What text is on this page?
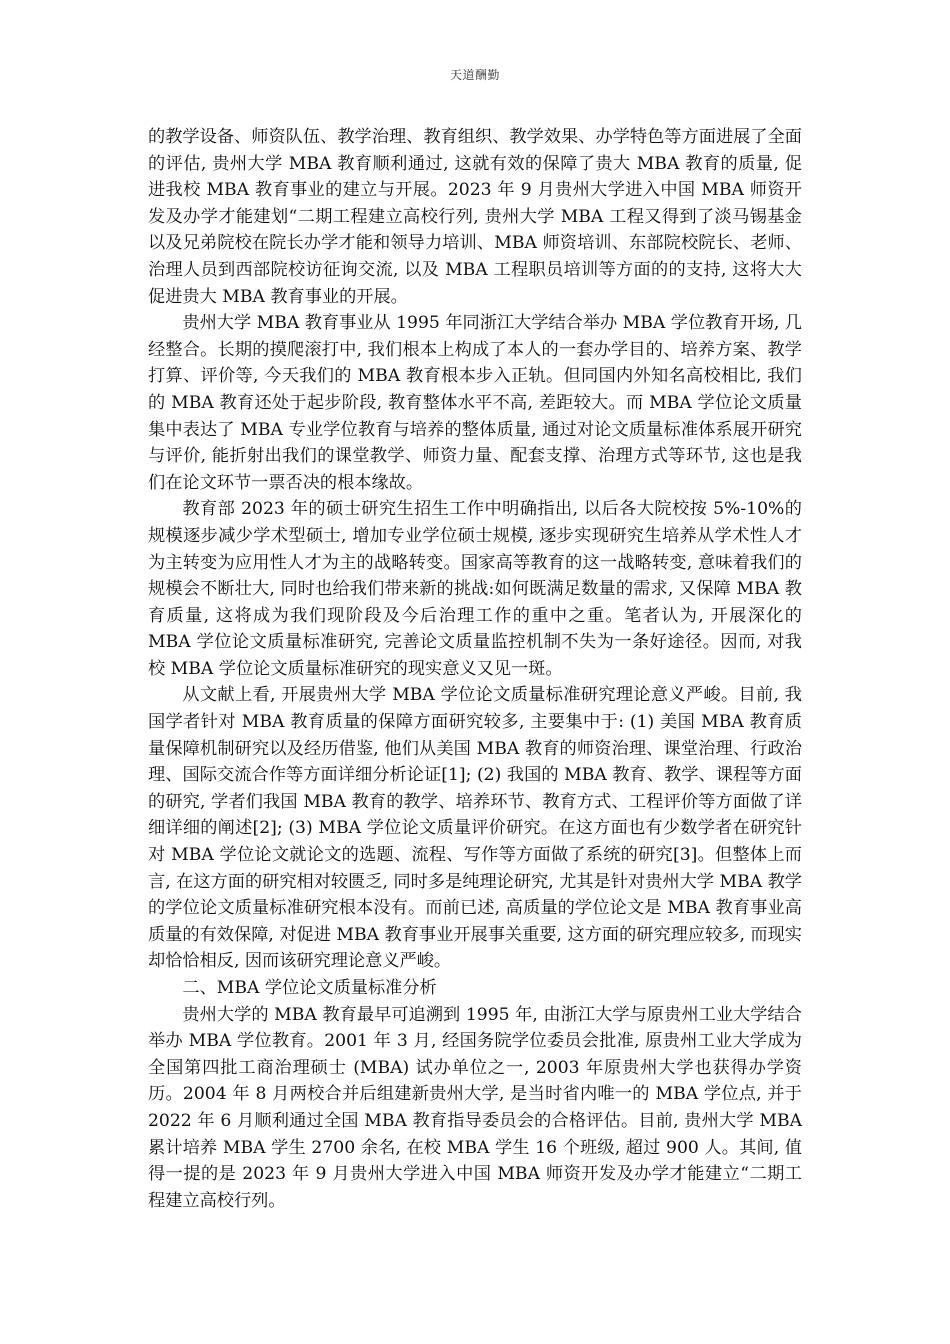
天道酬勤

的教学设备、师资队伍、教学治理、教育组织、教学效果、办学特色等方面进展了全面的评估, 贵州大学 MBA 教育顺利通过, 这就有效的保障了贵大 MBA 教育的质量, 促进我校 MBA 教育事业的建立与开展。2023 年 9 月贵州大学进入中国 MBA 师资开发及办学才能建划“二期工程建立高校行列, 贵州大学 MBA 工程又得到了淡马锡基金以及兄弟院校在院长办学才能和领导力培训、MBA 师资培训、东部院校院长、老师、治理人员到西部院校访征询交流, 以及 MBA 工程职员培训等方面的的支持, 这将大大促进贵大 MBA 教育事业的开展。

贵州大学 MBA 教育事业从 1995 年同浙江大学结合举办 MBA 学位教育开场, 几经整合。长期的摸爬滚打中, 我们根本上构成了本人的一套办学目的、培养方案、教学打算、评价等, 今天我们的 MBA 教育根本步入正轨。但同国内外知名高校相比, 我们的 MBA 教育还处于起步阶段, 教育整体水平不高, 差距较大。而 MBA 学位论文质量集中表达了 MBA 专业学位教育与培养的整体质量, 通过对论文质量标准体系展开研究与评价, 能折射出我们的课堂教学、师资力量、配套支撑、治理方式等环节, 这也是我们在论文环节一票否决的根本缘故。

教育部 2023 年的硕士研究生招生工作中明确指出, 以后各大院校按 5%-10%的规模逐步减少学术型硕士, 增加专业学位硕士规模, 逐步实现研究生培养从学术性人才为主转变为应用性人才为主的战略转变。国家高等教育的这一战略转变, 意味着我们的规模会不断壮大, 同时也给我们带来新的挑战:如何既满足数量的需求, 又保障 MBA 教育质量, 这将成为我们现阶段及今后治理工作的重中之重。笔者认为, 开展深化的 MBA 学位论文质量标准研究, 完善论文质量监控机制不失为一条好途径。因而, 对我校 MBA 学位论文质量标准研究的现实意义又见一斑。

从文献上看, 开展贵州大学 MBA 学位论文质量标准研究理论意义严峻。目前, 我国学者针对 MBA 教育质量的保障方面研究较多, 主要集中于: (1) 美国 MBA 教育质量保障机制研究以及经历借鉴, 他们从美国 MBA 教育的师资治理、课堂治理、行政治理、国际交流合作等方面详细分析论证[1]; (2) 我国的 MBA 教育、教学、课程等方面的研究, 学者们我国 MBA 教育的教学、培养环节、教育方式、工程评价等方面做了详细详细的阐述[2]; (3) MBA 学位论文质量评价研究。在这方面也有少数学者在研究针对 MBA 学位论文就论文的选题、流程、写作等方面做了系统的研究[3]。但整体上而言, 在这方面的研究相对较匮乏, 同时多是纯理论研究, 尤其是针对贵州大学 MBA 教学的学位论文质量标准研究根本没有。而前已述, 高质量的学位论文是 MBA 教育事业高质量的有效保障, 对促进 MBA 教育事业开展事关重要, 这方面的研究理应较多, 而现实却恰恰相反, 因而该研究理论意义严峻。

二、MBA 学位论文质量标准分析

贵州大学的 MBA 教育最早可追溯到 1995 年, 由浙江大学与原贵州工业大学结合举办 MBA 学位教育。2001 年 3 月, 经国务院学位委员会批准, 原贵州工业大学成为全国第四批工商治理硕士 (MBA) 试办单位之一, 2003 年原贵州大学也获得办学资历。2004 年 8 月两校合并后组建新贵州大学, 是当时省内唯一的 MBA 学位点, 并于 2022 年 6 月顺利通过全国 MBA 教育指导委员会的合格评估。目前, 贵州大学 MBA 累计培养 MBA 学生 2700 余名, 在校 MBA 学生 16 个班级, 超过 900 人。其间, 值得一提的是 2023 年 9 月贵州大学进入中国 MBA 师资开发及办学才能建立“二期工程建立高校行列。
